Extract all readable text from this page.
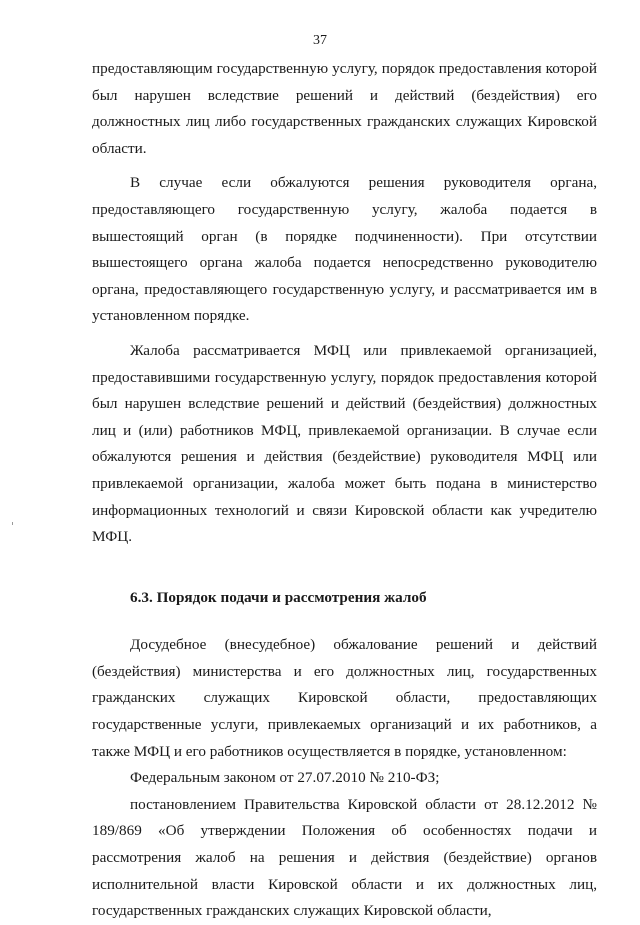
37

предоставляющим государственную услугу, порядок предоставления которой был нарушен вследствие решений и действий (бездействия) его должностных лиц либо государственных гражданских служащих Кировской области.

В случае если обжалуются решения руководителя органа, предоставляющего государственную услугу, жалоба подается в вышестоящий орган (в порядке подчиненности). При отсутствии вышестоящего органа жалоба подается непосредственно руководителю органа, предоставляющего государственную услугу, и рассматривается им в установленном порядке.

Жалоба рассматривается МФЦ или привлекаемой организацией, предоставившими государственную услугу, порядок предоставления которой был нарушен вследствие решений и действий (бездействия) должностных лиц и (или) работников МФЦ, привлекаемой организации. В случае если обжалуются решения и действия (бездействие) руководителя МФЦ или привлекаемой организации, жалоба может быть подана в министерство информационных технологий и связи Кировской области как учредителю МФЦ.

6.3. Порядок подачи и рассмотрения жалоб

Досудебное (внесудебное) обжалование решений и действий (бездействия) министерства и его должностных лиц, государственных гражданских служащих Кировской области, предоставляющих государственные услуги, привлекаемых организаций и их работников, а также МФЦ и его работников осуществляется в порядке, установленном:

Федеральным законом от 27.07.2010 № 210-ФЗ;

постановлением Правительства Кировской области от 28.12.2012 № 189/869 «Об утверждении Положения об особенностях подачи и рассмотрения жалоб на решения и действия (бездействие) органов исполнительной власти Кировской области и их должностных лиц, государственных гражданских служащих Кировской области,
